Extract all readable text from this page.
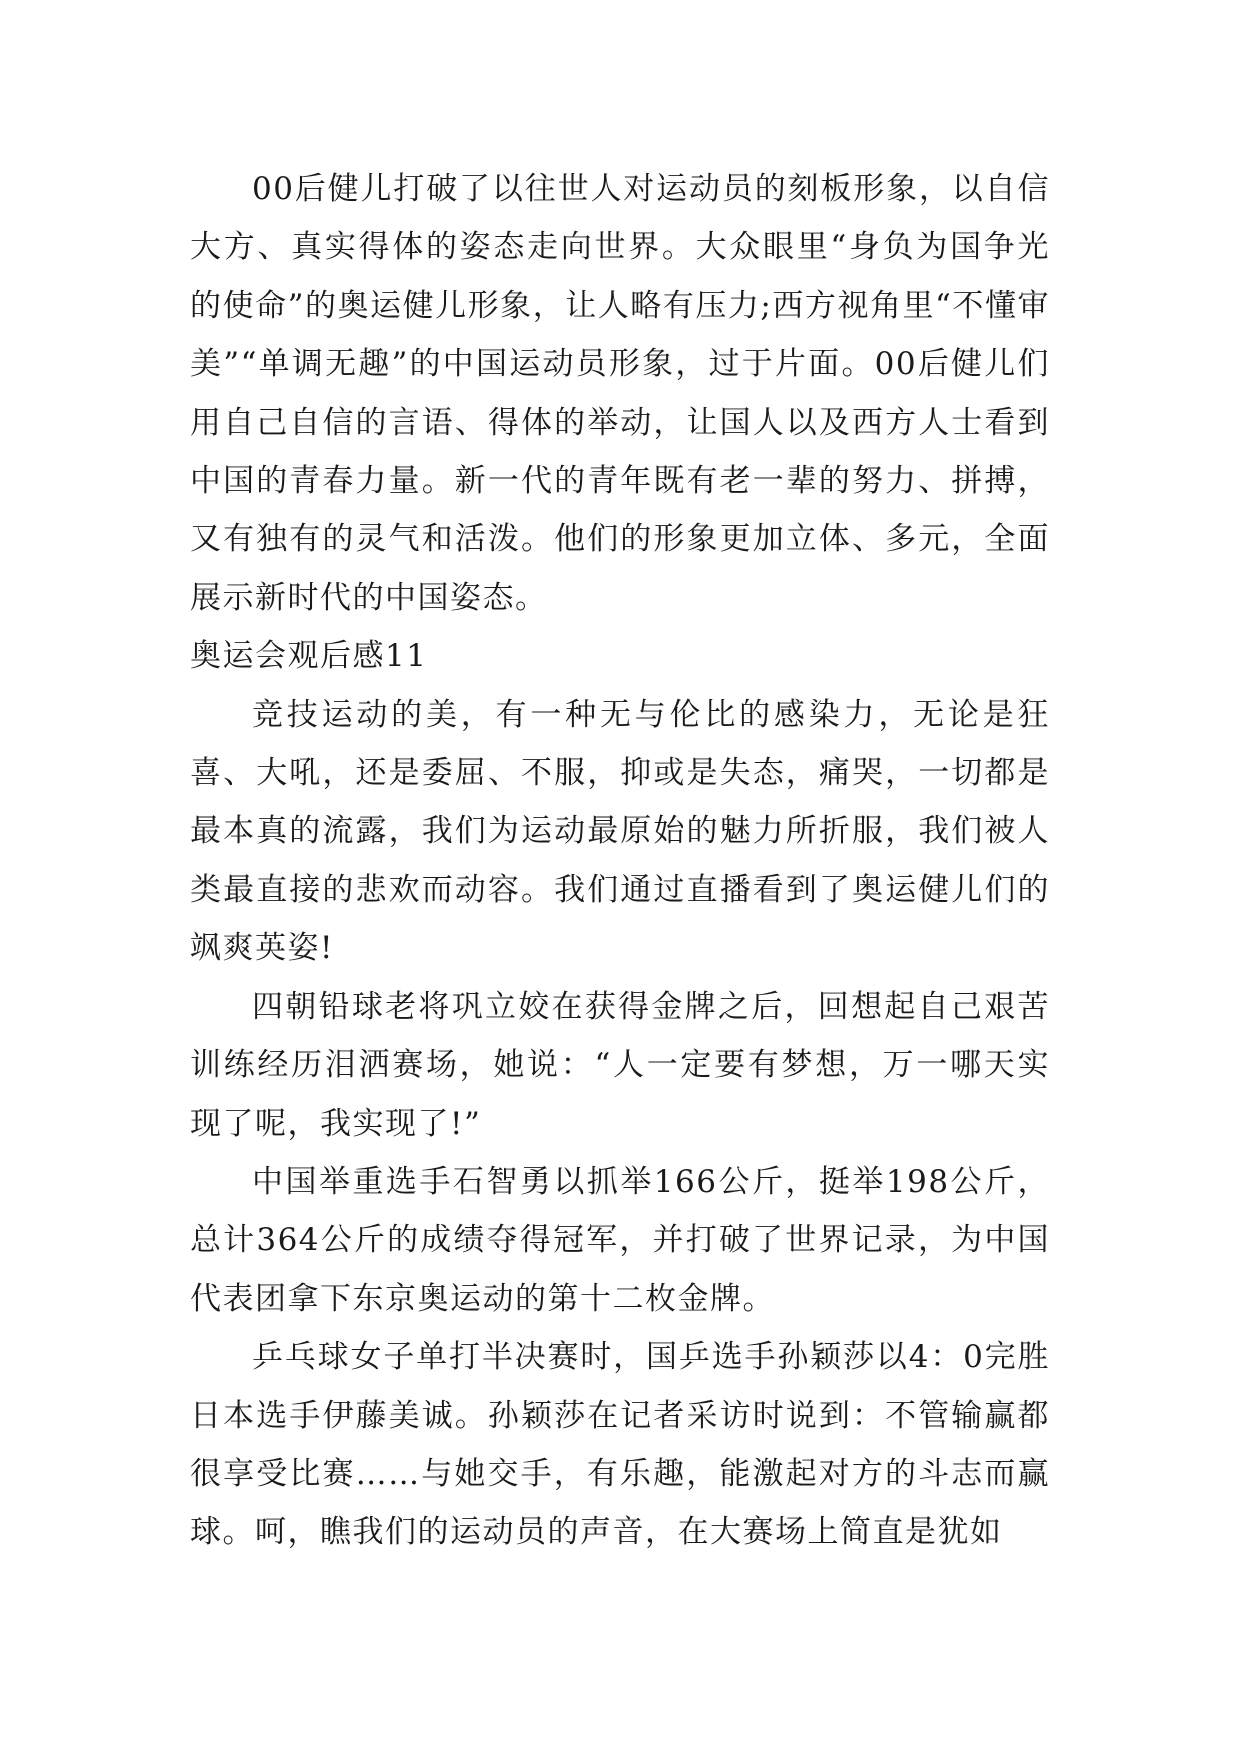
00后健儿打破了以往世人对运动员的刻板形象，以自信大方、真实得体的姿态走向世界。大众眼里“身负为国争光的使命”的奥运健儿形象，让人略有压力;西方视角里“不懂审美”“单调无趣”的中国运动员形象，过于片面。00后健儿们用自己自信的言语、得体的举动，让国人以及西方人士看到中国的青春力量。新一代的青年既有老一辈的努力、拼搏，又有独有的灵气和活泼。他们的形象更加立体、多元，全面展示新时代的中国姿态。

奥运会观后感11

竞技运动的美，有一种无与伦比的感染力，无论是狂喜、大吼，还是委屈、不服，抑或是失态，痛哭，一切都是最本真的流露，我们为运动最原始的魅力所折服，我们被人类最直接的悲欢而动容。我们通过直播看到了奥运健儿们的飒爽英姿!

四朝铅球老将巩立姣在获得金牌之后，回想起自己艰苦训练经历泪洒赛场，她说：“人一定要有梦想，万一哪天实现了呢，我实现了!”

中国举重选手石智勇以抓举166公斤，挺举198公斤，总计364公斤的成绩夺得冠军，并打破了世界记录，为中国代表团拿下东京奥运动的第十二枚金牌。

乒乓球女子单打半决赛时，国乒选手孙颖莎以4：0完胜日本选手伊藤美诚。孙颖莎在记者采访时说到：不管输赢都很享受比赛……与她交手，有乐趣，能激起对方的斗志而赢球。呵，瞧我们的运动员的声音，在大赛场上简直是犹如
